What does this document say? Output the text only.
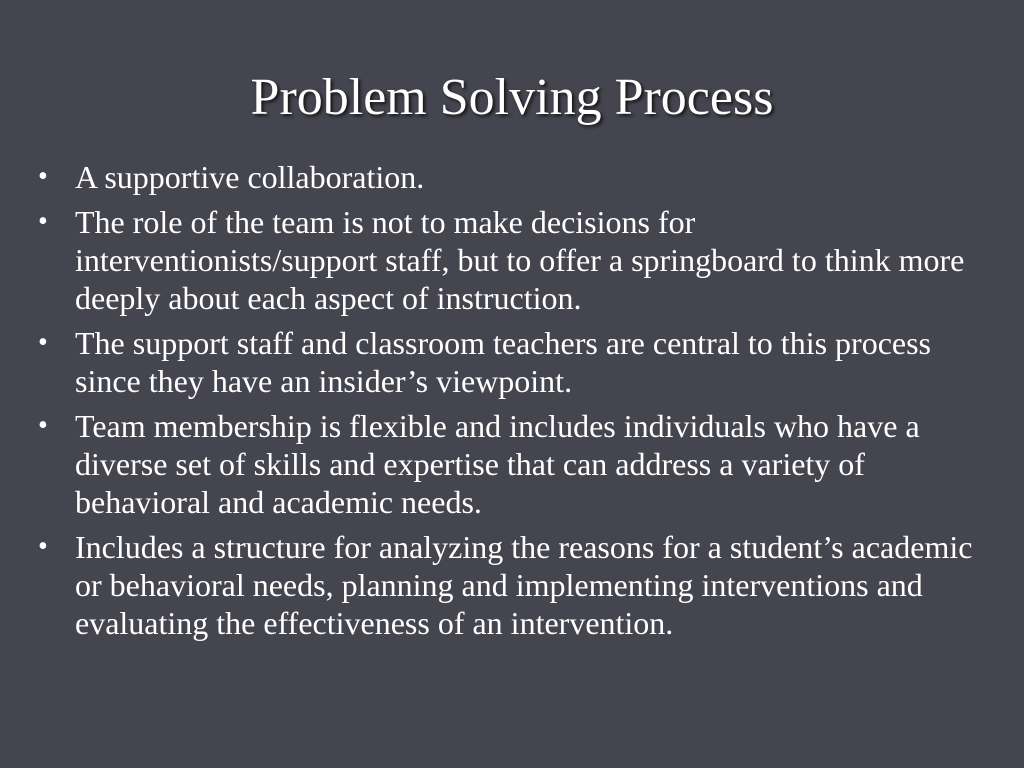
Problem Solving Process
• A supportive collaboration.
• The role of the team is not to make decisions for interventionists/support staff, but to offer a springboard to think more deeply about each aspect of instruction.
• The support staff and classroom teachers are central to this process since they have an insider’s viewpoint.
• Team membership is flexible and includes individuals who have a diverse set of skills and expertise that can address a variety of behavioral and academic needs.
• Includes a structure for analyzing the reasons for a student’s academic or behavioral needs, planning and implementing interventions and evaluating the effectiveness of an intervention.
